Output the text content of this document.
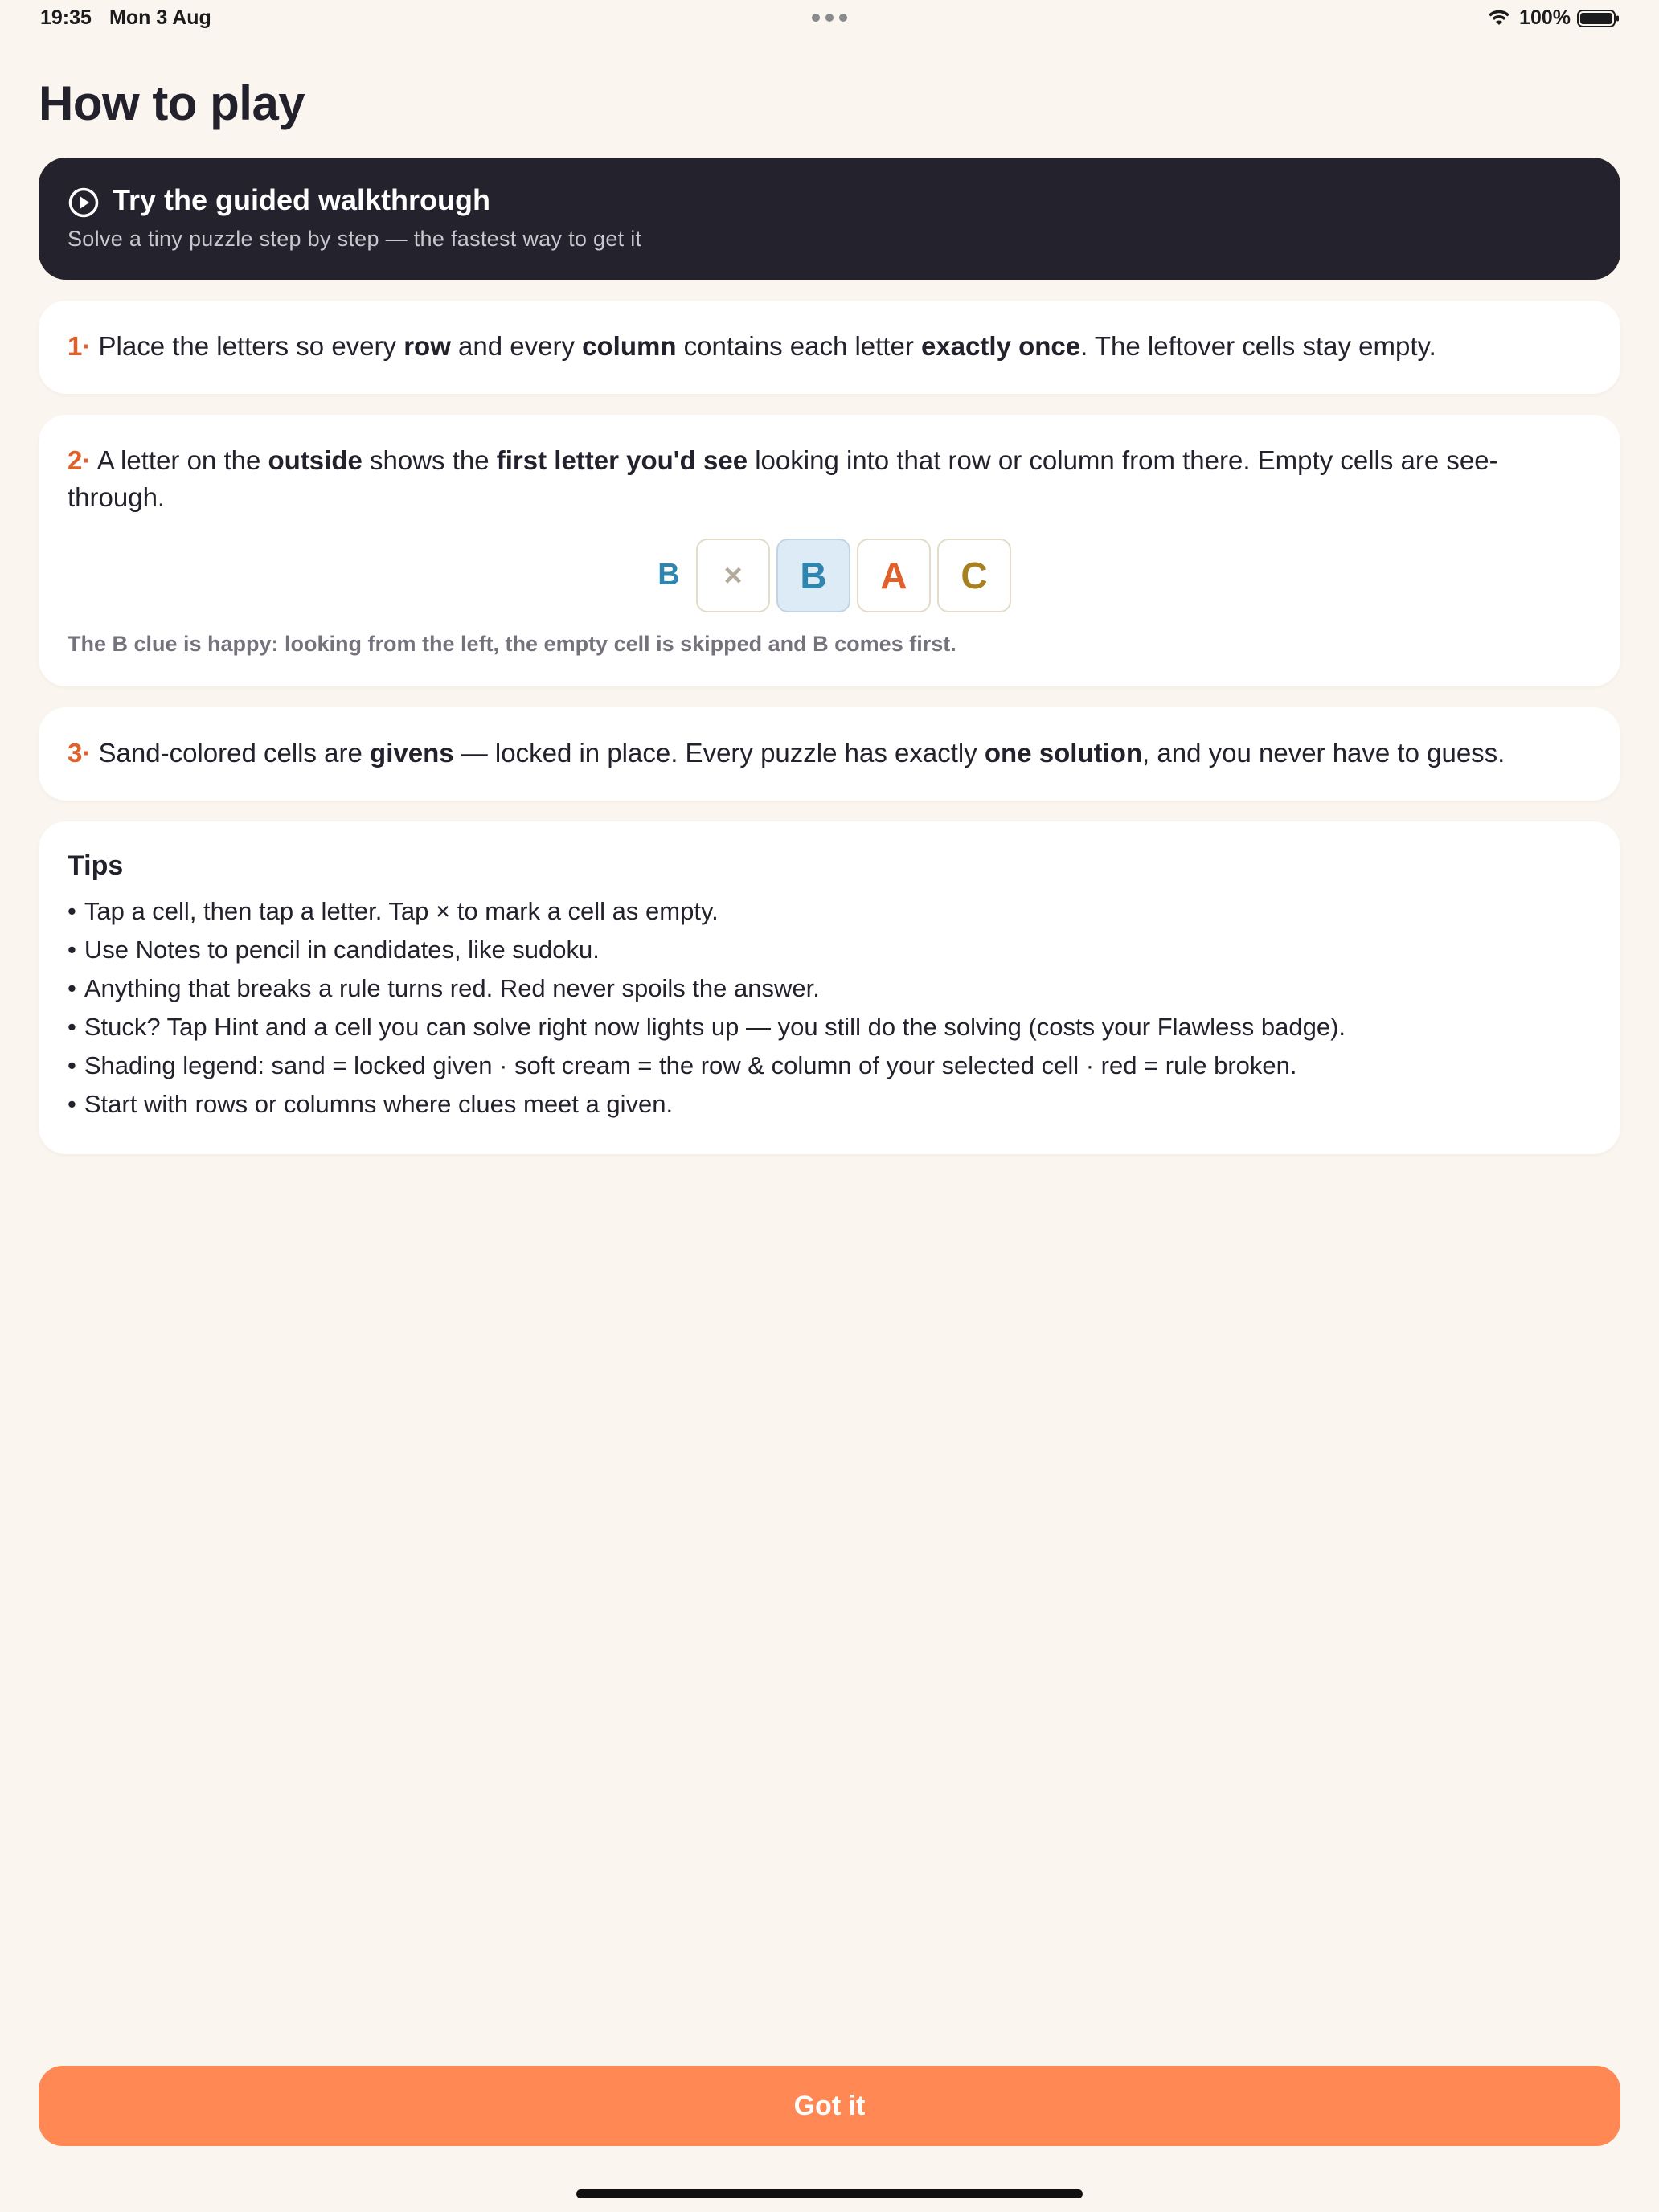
19:35 Mon 3 Aug	100%
How to play
Try the guided walkthrough
Solve a tiny puzzle step by step — the fastest way to get it
1· Place the letters so every row and every column contains each letter exactly once. The leftover cells stay empty.
2· A letter on the outside shows the first letter you'd see looking into that row or column from there. Empty cells are see-through.
B	×	B	A	C
The B clue is happy: looking from the left, the empty cell is skipped and B comes first.
3· Sand-colored cells are givens — locked in place. Every puzzle has exactly one solution, and you never have to guess.
Tips
• Tap a cell, then tap a letter. Tap × to mark a cell as empty.
• Use Notes to pencil in candidates, like sudoku.
• Anything that breaks a rule turns red. Red never spoils the answer.
• Stuck? Tap Hint and a cell you can solve right now lights up — you still do the solving (costs your Flawless badge).
• Shading legend: sand = locked given · soft cream = the row & column of your selected cell · red = rule broken.
• Start with rows or columns where clues meet a given.
Got it
